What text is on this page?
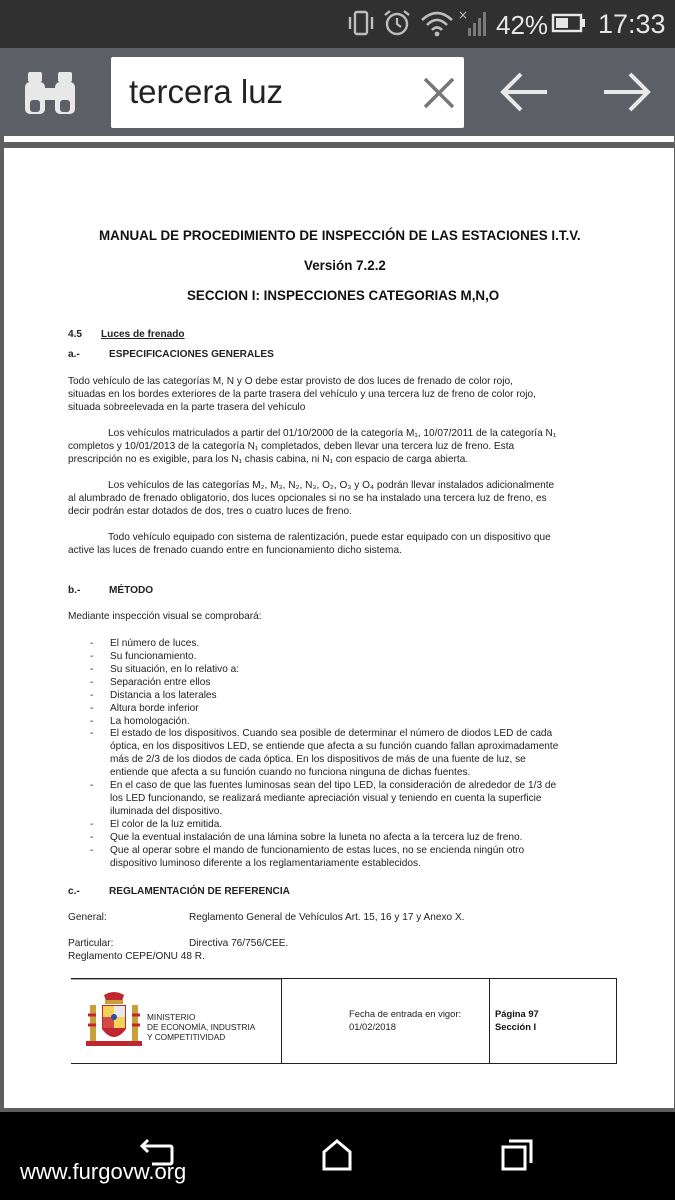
× 42% 17:33
tercera luz
MANUAL DE PROCEDIMIENTO DE INSPECCIÓN DE LAS ESTACIONES I.T.V.
Versión 7.2.2
SECCION I: INSPECCIONES CATEGORIAS M,N,O
4.5 Luces de frenado
a.-	ESPECIFICACIONES GENERALES
Todo vehículo de las categorías M, N y O debe estar provisto de dos luces de frenado de color rojo,
situadas en los bordes exteriores de la parte trasera del vehículo y una tercera luz de freno de color rojo,
situada sobreelevada en la parte trasera del vehículo
Los vehículos matriculados a partir del 01/10/2000 de la categoría M₁, 10/07/2011 de la categoría N₁
completos y 10/01/2013 de la categoría N₁ completados, deben llevar una tercera luz de freno. Esta
prescripción no es exigible, para los N₁ chasis cabina, ni N₁ con espacio de carga abierta.
Los vehículos de las categorías M₂, M₃, N₂, N₃, O₂, O₃ y O₄ podrán llevar instalados adicionalmente
al alumbrado de frenado obligatorio, dos luces opcionales si no se ha instalado una tercera luz de freno, es
decir podrán estar dotados de dos, tres o cuatro luces de freno.
Todo vehículo equipado con sistema de ralentización, puede estar equipado con un dispositivo que
active las luces de frenado cuando entre en funcionamiento dicho sistema.
b.-	MÉTODO
Mediante inspección visual se comprobará:
- El número de luces.
- Su funcionamiento.
- Su situación, en lo relativo a:
- Separación entre ellos
- Distancia a los laterales
- Altura borde inferior
- La homologación.
- El estado de los dispositivos. Cuando sea posible de determinar el número de diodos LED de cada
óptica, en los dispositivos LED, se entiende que afecta a su función cuando fallan aproximadamente
más de 2/3 de los diodos de cada óptica. En los dispositivos de más de una fuente de luz, se
entiende que afecta a su función cuando no funciona ninguna de dichas fuentes.
- En el caso de que las fuentes luminosas sean del tipo LED, la consideración de alrededor de 1/3 de
los LED funcionando, se realizará mediante apreciación visual y teniendo en cuenta la superficie
iluminada del dispositivo.
- El color de la luz emitida.
- Que la eventual instalación de una lámina sobre la luneta no afecta a la tercera luz de freno.
- Que al operar sobre el mando de funcionamiento de estas luces, no se encienda ningún otro
dispositivo luminoso diferente a los reglamentariamente establecidos.
c.-	REGLAMENTACIÓN DE REFERENCIA
General:	Reglamento General de Vehículos Art. 15, 16 y 17 y Anexo X.
Particular:	Directiva 76/756/CEE.
Reglamento CEPE/ONU 48 R.
MINISTERIO
DE ECONOMÍA, INDUSTRIA
Y COMPETITIVIDAD
Fecha de entrada en vigor:
01/02/2018
Página 97
Sección I
www.furgovw.org
